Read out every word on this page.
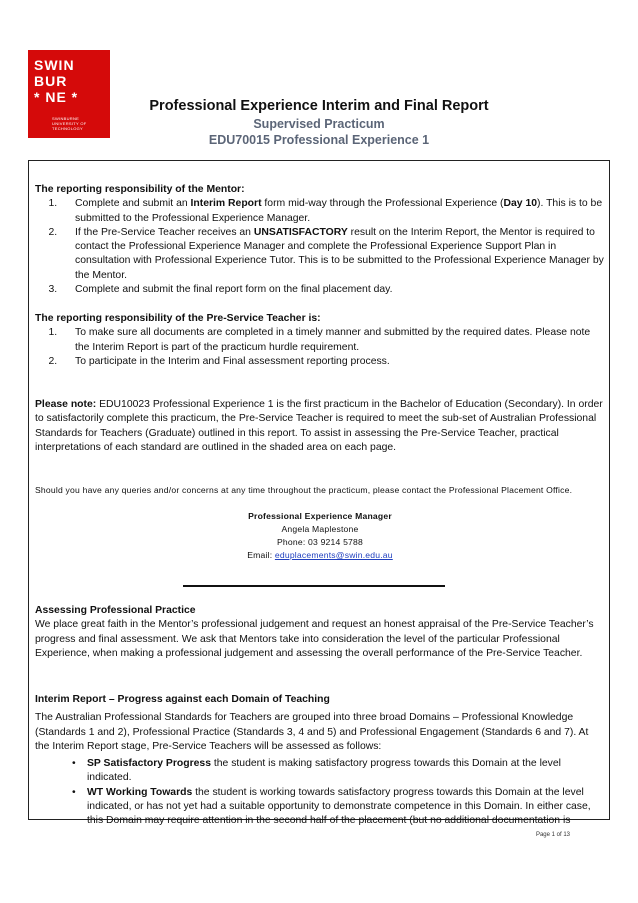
SWIN
BUR
* NE *
SWINBURNE
UNIVERSITY OF
TECHNOLOGY
Professional Experience Interim and Final Report
Supervised Practicum
EDU70015 Professional Experience 1
The reporting responsibility of the Mentor:
1. Complete and submit an Interim Report form mid-way through the Professional Experience (Day 10). This is to be submitted to the Professional Experience Manager.
2. If the Pre-Service Teacher receives an UNSATISFACTORY result on the Interim Report, the Mentor is required to contact the Professional Experience Manager and complete the Professional Experience Support Plan in consultation with Professional Experience Tutor. This is to be submitted to the Professional Experience Manager by the Mentor.
3. Complete and submit the final report form on the final placement day.
The reporting responsibility of the Pre-Service Teacher is:
1. To make sure all documents are completed in a timely manner and submitted by the required dates. Please note the Interim Report is part of the practicum hurdle requirement.
2. To participate in the Interim and Final assessment reporting process.
Please note: EDU10023 Professional Experience 1 is the first practicum in the Bachelor of Education (Secondary). In order to satisfactorily complete this practicum, the Pre-Service Teacher is required to meet the sub-set of Australian Professional Standards for Teachers (Graduate) outlined in this report. To assist in assessing the Pre-Service Teacher, practical interpretations of each standard are outlined in the shaded area on each page.
Should you have any queries and/or concerns at any time throughout the practicum, please contact the Professional Placement Office.
Professional Experience Manager
Angela Maplestone
Phone: 03 9214 5788
Email: eduplacements@swin.edu.au
Assessing Professional Practice
We place great faith in the Mentor’s professional judgement and request an honest appraisal of the Pre-Service Teacher’s progress and final assessment. We ask that Mentors take into consideration the level of the particular Professional Experience, when making a professional judgement and assessing the overall performance of the Pre-Service Teacher.
Interim Report – Progress against each Domain of Teaching
The Australian Professional Standards for Teachers are grouped into three broad Domains – Professional Knowledge (Standards 1 and 2), Professional Practice (Standards 3, 4 and 5) and Professional Engagement (Standards 6 and 7). At the Interim Report stage, Pre-Service Teachers will be assessed as follows:
• SP Satisfactory Progress the student is making satisfactory progress towards this Domain at the level indicated.
• WT Working Towards the student is working towards satisfactory progress towards this Domain at the level indicated, or has not yet had a suitable opportunity to demonstrate competence in this Domain. In either case, this Domain may require attention in the second half of the placement (but no additional documentation is
Page 1 of 13
